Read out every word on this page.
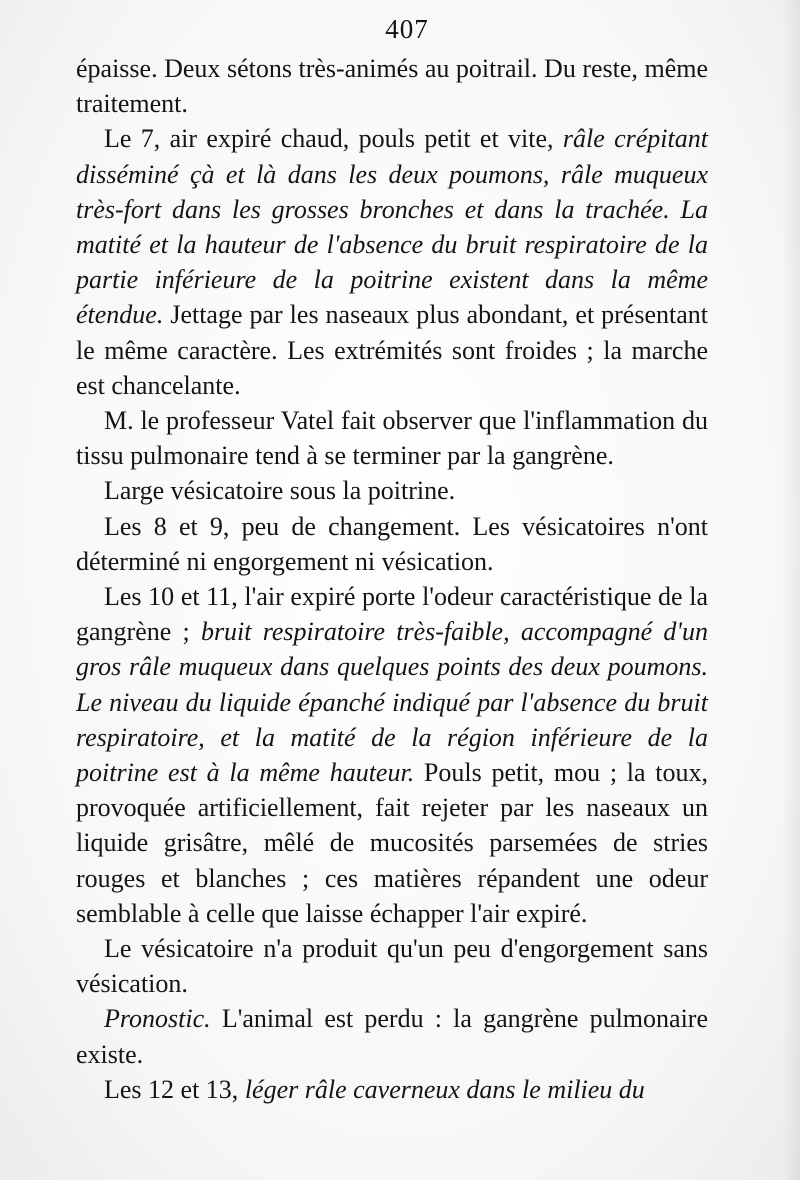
407

épaisse. Deux sétons très-animés au poitrail. Du reste, même traitement.

Le 7, air expiré chaud, pouls petit et vite, râle crépitant disséminé çà et là dans les deux poumons, râle muqueux très-fort dans les grosses bronches et dans la trachée. La matité et la hauteur de l'absence du bruit respiratoire de la partie inférieure de la poitrine existent dans la même étendue. Jettage par les naseaux plus abondant, et présentant le même caractère. Les extrémités sont froides ; la marche est chancelante.

M. le professeur Vatel fait observer que l'inflammation du tissu pulmonaire tend à se terminer par la gangrène.

Large vésicatoire sous la poitrine.

Les 8 et 9, peu de changement. Les vésicatoires n'ont déterminé ni engorgement ni vésication.

Les 10 et 11, l'air expiré porte l'odeur caractéristique de la gangrène ; bruit respiratoire très-faible, accompagné d'un gros râle muqueux dans quelques points des deux poumons. Le niveau du liquide épanché indiqué par l'absence du bruit respiratoire, et la matité de la région inférieure de la poitrine est à la même hauteur. Pouls petit, mou ; la toux, provoquée artificiellement, fait rejeter par les naseaux un liquide grisâtre, mêlé de mucosités parsemées de stries rouges et blanches ; ces matières répandent une odeur semblable à celle que laisse échapper l'air expiré.

Le vésicatoire n'a produit qu'un peu d'engorgement sans vésication.

Pronostic. L'animal est perdu : la gangrène pulmonaire existe.

Les 12 et 13, léger râle caverneux dans le milieu du
